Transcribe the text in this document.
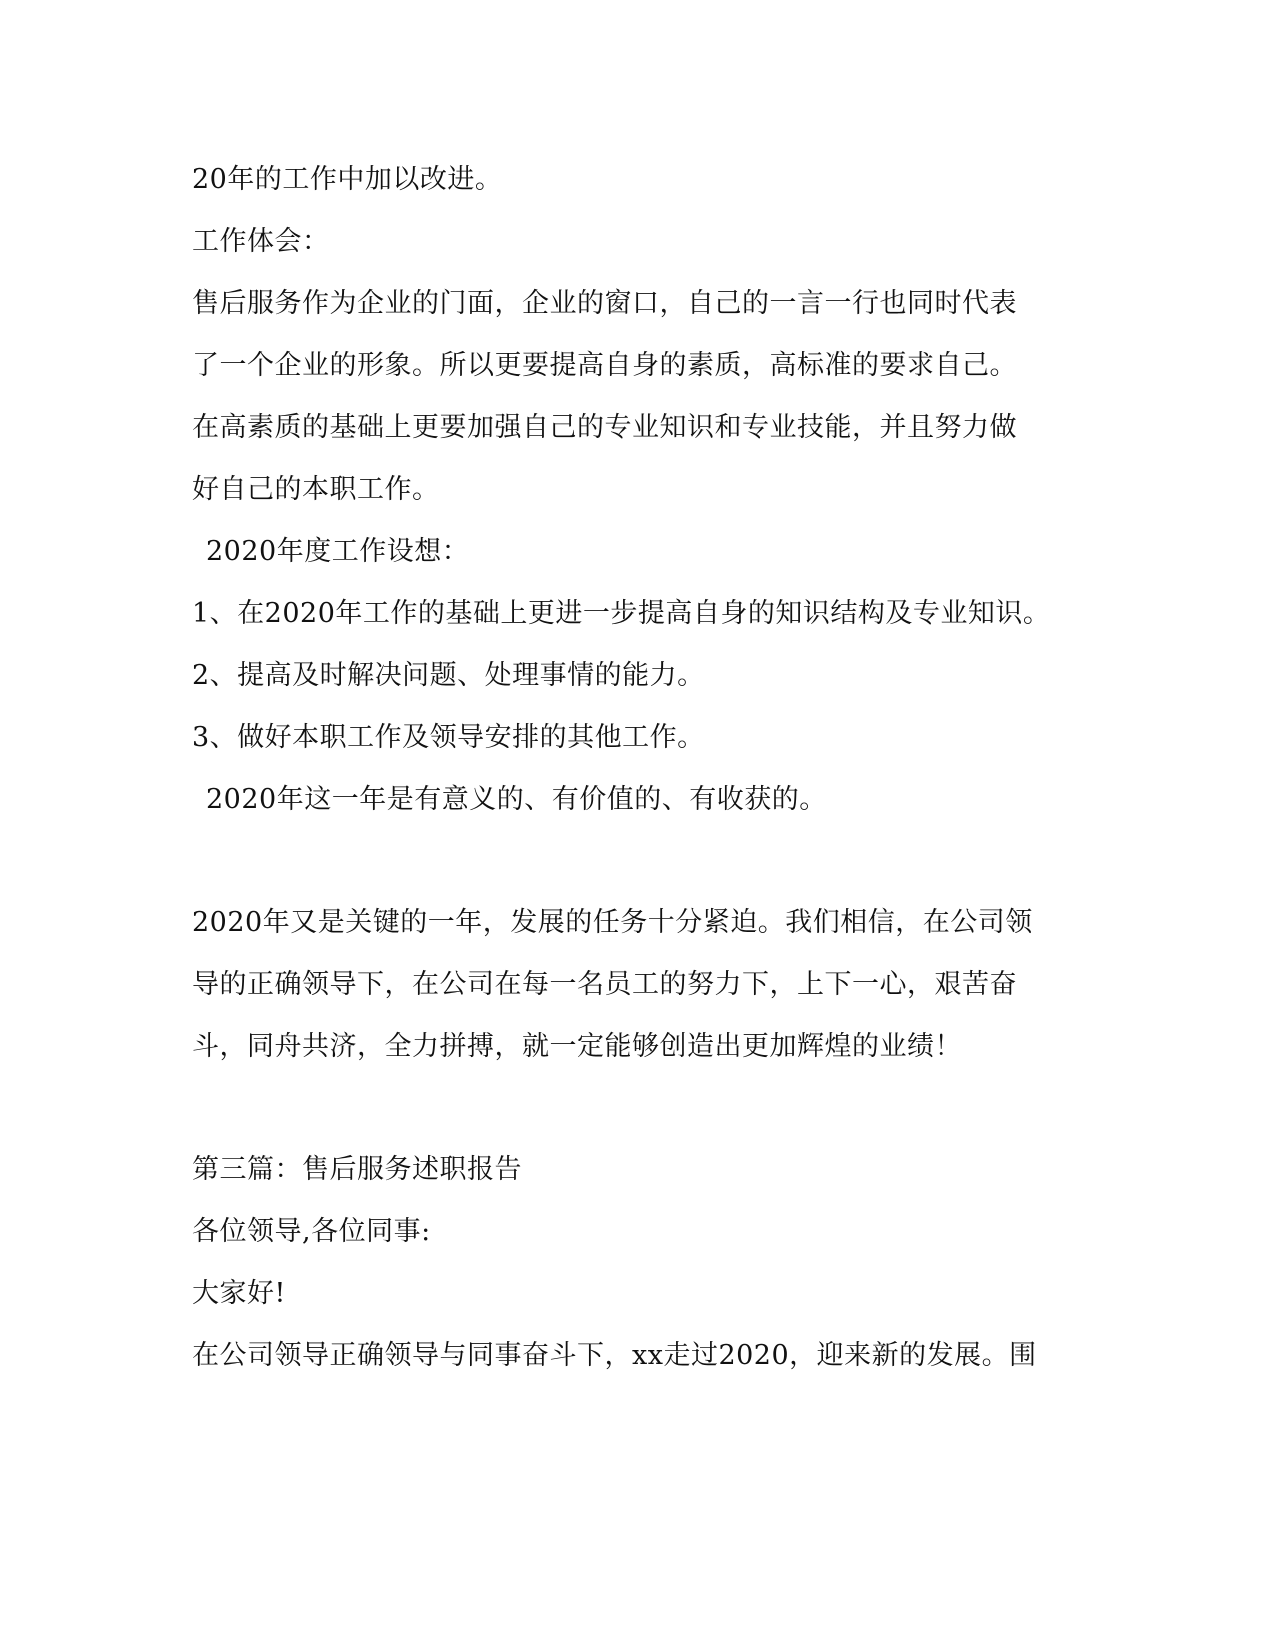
20年的工作中加以改进。
工作体会：
售后服务作为企业的门面，企业的窗口，自己的一言一行也同时代表
了一个企业的形象。所以更要提高自身的素质，高标准的要求自己。
在高素质的基础上更要加强自己的专业知识和专业技能，并且努力做
好自己的本职工作。
2020年度工作设想：
1、在2020年工作的基础上更进一步提高自身的知识结构及专业知识。
2、提高及时解决问题、处理事情的能力。
3、做好本职工作及领导安排的其他工作。
2020年这一年是有意义的、有价值的、有收获的。
2020年又是关键的一年，发展的任务十分紧迫。我们相信，在公司领
导的正确领导下，在公司在每一名员工的努力下，上下一心，艰苦奋
斗，同舟共济，全力拼搏，就一定能够创造出更加辉煌的业绩！
第三篇：售后服务述职报告
各位领导,各位同事:
大家好!
在公司领导正确领导与同事奋斗下，xx走过2020，迎来新的发展。围
